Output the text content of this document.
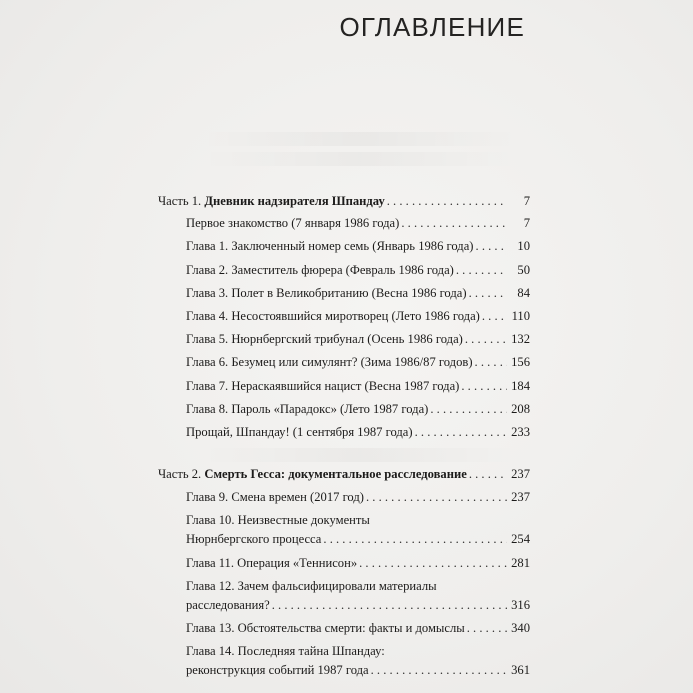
ОГЛАВЛЕНИЕ
Часть 1. Дневник надзирателя Шпандау . . .	7
Первое знакомство (7 января 1986 года) . . .	7
Глава 1. Заключенный номер семь (Январь 1986 года) . . .	10
Глава 2. Заместитель фюрера (Февраль 1986 года) . . .	50
Глава 3. Полет в Великобританию (Весна 1986 года) . . .	84
Глава 4. Несостоявшийся миротворец (Лето 1986 года) . . .	110
Глава 5. Нюрнбергский трибунал (Осень 1986 года) . . .	132
Глава 6. Безумец или симулянт? (Зима 1986/87 годов) . . .	156
Глава 7. Нераскаявшийся нацист (Весна 1987 года) . . .	184
Глава 8. Пароль «Парадокс» (Лето 1987 года) . . .	208
Прощай, Шпандау! (1 сентября 1987 года) . . .	233
Часть 2. Смерть Гесса: документальное расследование . . .	237
Глава 9. Смена времен (2017 год) . . .	237
Глава 10. Неизвестные документы
Нюрнбергского процесса . . .	254
Глава 11. Операция «Теннисон» . . .	281
Глава 12. Зачем фальсифицировали материалы
расследования? . . .	316
Глава 13. Обстоятельства смерти: факты и домыслы . . .	340
Глава 14. Последняя тайна Шпандау:
реконструкция событий 1987 года . . .	361
